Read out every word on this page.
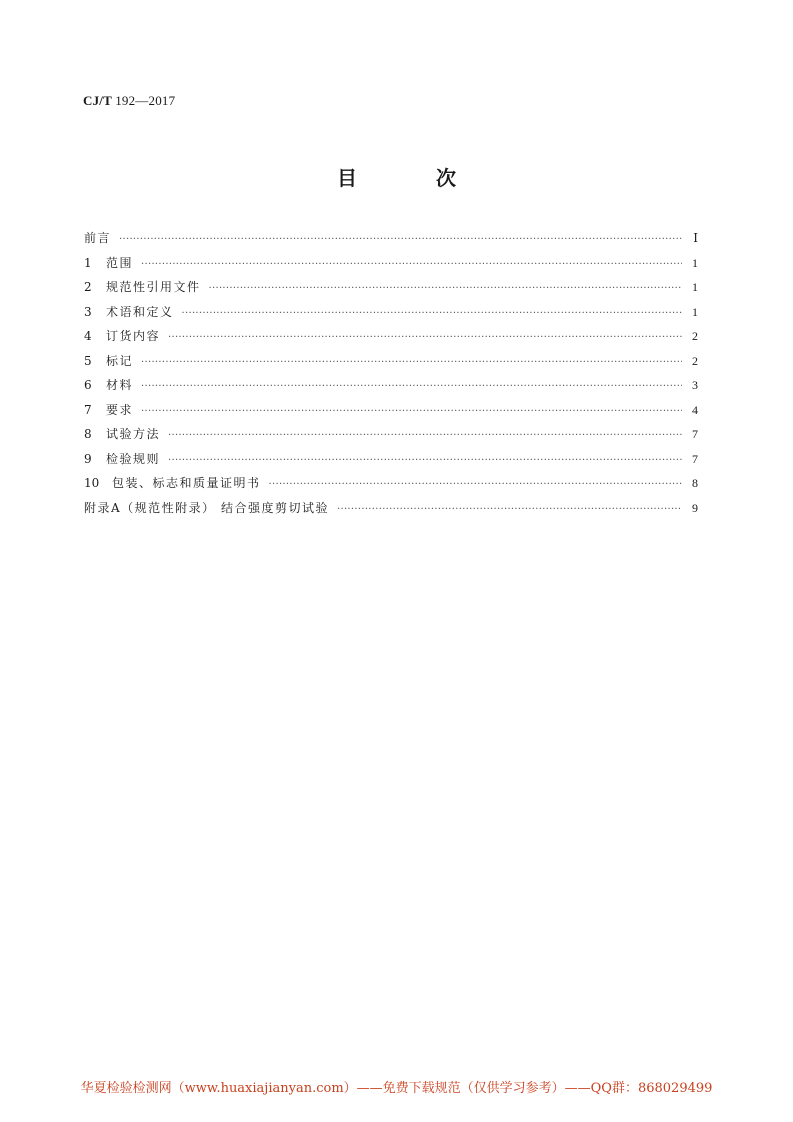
CJ/T 192—2017
目 次
前言 ·····	Ⅰ
1	范围 ·····	1
2	规范性引用文件 ·····	1
3	术语和定义 ·····	1
4	订货内容 ·····	2
5	标记 ·····	2
6	材料 ·····	3
7	要求 ·····	4
8	试验方法 ·····	7
9	检验规则 ·····	7
10	包装、标志和质量证明书 ·····	8
附录A（规范性附录） 结合强度剪切试验 ·····	9
华夏检验检测网（www.huaxiajianyan.com）——免费下载规范（仅供学习参考）——QQ群：868029499
